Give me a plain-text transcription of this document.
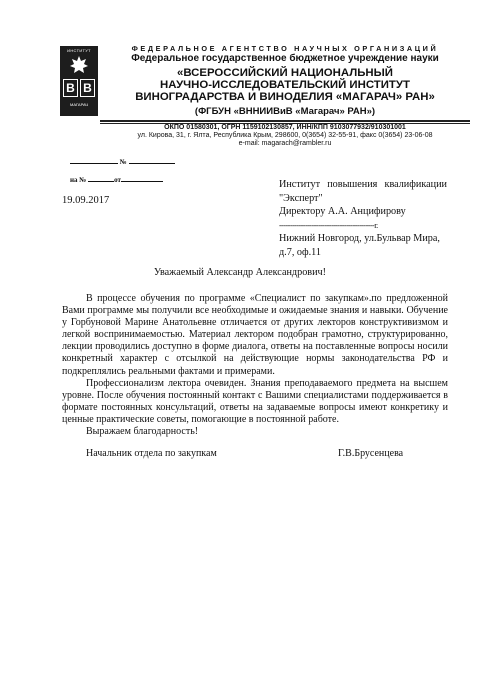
ИНСТИТУТ
В В
МАГАРАЧ
ФЕДЕРАЛЬНОЕ АГЕНТСТВО НАУЧНЫХ ОРГАНИЗАЦИЙ
Федеральное государственное бюджетное учреждение науки
«ВСЕРОССИЙСКИЙ НАЦИОНАЛЬНЫЙ
НАУЧНО-ИССЛЕДОВАТЕЛЬСКИЙ ИНСТИТУТ
ВИНОГРАДАРСТВА И ВИНОДЕЛИЯ «МАГАРАЧ» РАН»
(ФГБУН «ВННИИВиВ «Магарач» РАН»)
ОКПО 01580301, ОГРН 1159102130857, ИНН/КПП 9103077932/910301001
ул. Кирова, 31, г. Ялта, Республика Крым, 298600, 0(3654) 32-55-91, факс 0(3654) 23-06-08
e-mail: magarach@rambler.ru
№
на №	от
19.09.2017
Институт повышения квалификации
"Эксперт"
Директору А.А. Анцифирову
--------------------------------------------г.
Нижний Новгород, ул.Бульвар Мира,
д.7, оф.11
Уважаемый Александр Александрович!

В процессе обучения по программе «Специалист по закупкам».по предложенной Вами программе мы получили все необходимые и ожидаемые знания и навыки. Обучение у Горбуновой Марине Анатольевне отличается от других лекторов конструктивизмом и легкой воспринимаемостью. Материал лектором подобран грамотно, структурированно, лекции проводились доступно в форме диалога, ответы на поставленные вопросы носили конкретный характер с отсылкой на действующие нормы законодательства РФ и подкреплялись реальными фактами и примерами.

Профессионализм лектора очевиден. Знания преподаваемого предмета на высшем уровне. После обучения постоянный контакт с Вашими специалистами поддерживается в формате постоянных консультаций, ответы на задаваемые вопросы имеют конкретику и ценные практические советы, помогающие в постоянной работе.

Выражаем благодарность!

Начальник отдела по закупкам	Г.В.Брусенцева
